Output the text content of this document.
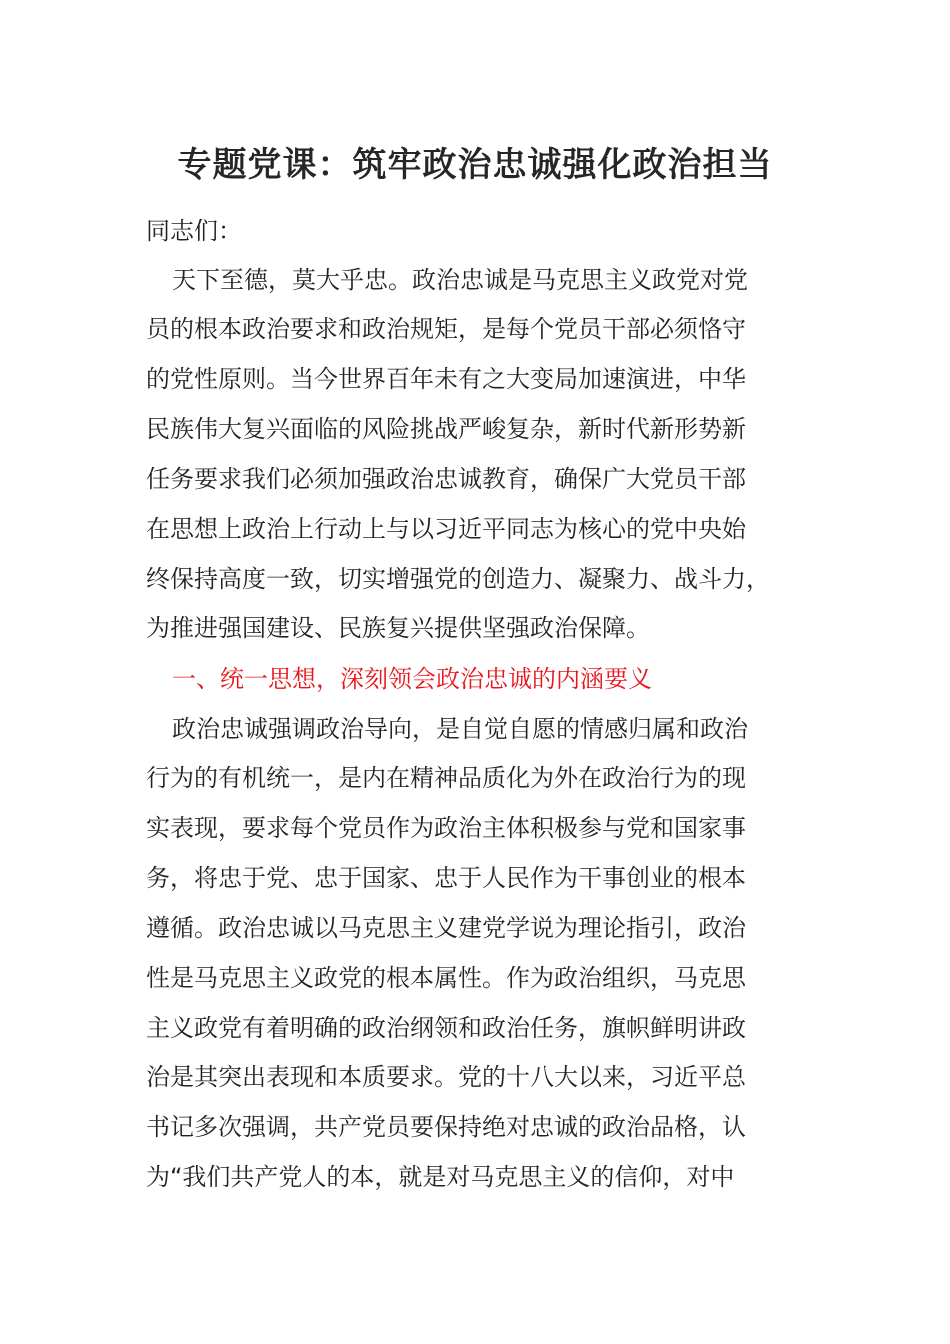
专题党课：筑牢政治忠诚强化政治担当
同志们：
天下至德，莫大乎忠。政治忠诚是马克思主义政党对党
员的根本政治要求和政治规矩，是每个党员干部必须恪守
的党性原则。当今世界百年未有之大变局加速演进，中华
民族伟大复兴面临的风险挑战严峻复杂，新时代新形势新
任务要求我们必须加强政治忠诚教育，确保广大党员干部
在思想上政治上行动上与以习近平同志为核心的党中央始
终保持高度一致，切实增强党的创造力、凝聚力、战斗力，
为推进强国建设、民族复兴提供坚强政治保障。
一、统一思想，深刻领会政治忠诚的内涵要义
政治忠诚强调政治导向，是自觉自愿的情感归属和政治
行为的有机统一，是内在精神品质化为外在政治行为的现
实表现，要求每个党员作为政治主体积极参与党和国家事
务，将忠于党、忠于国家、忠于人民作为干事创业的根本
遵循。政治忠诚以马克思主义建党学说为理论指引，政治
性是马克思主义政党的根本属性。作为政治组织，马克思
主义政党有着明确的政治纲领和政治任务，旗帜鲜明讲政
治是其突出表现和本质要求。党的十八大以来，习近平总
书记多次强调，共产党员要保持绝对忠诚的政治品格，认
为“我们共产党人的本，就是对马克思主义的信仰，对中
